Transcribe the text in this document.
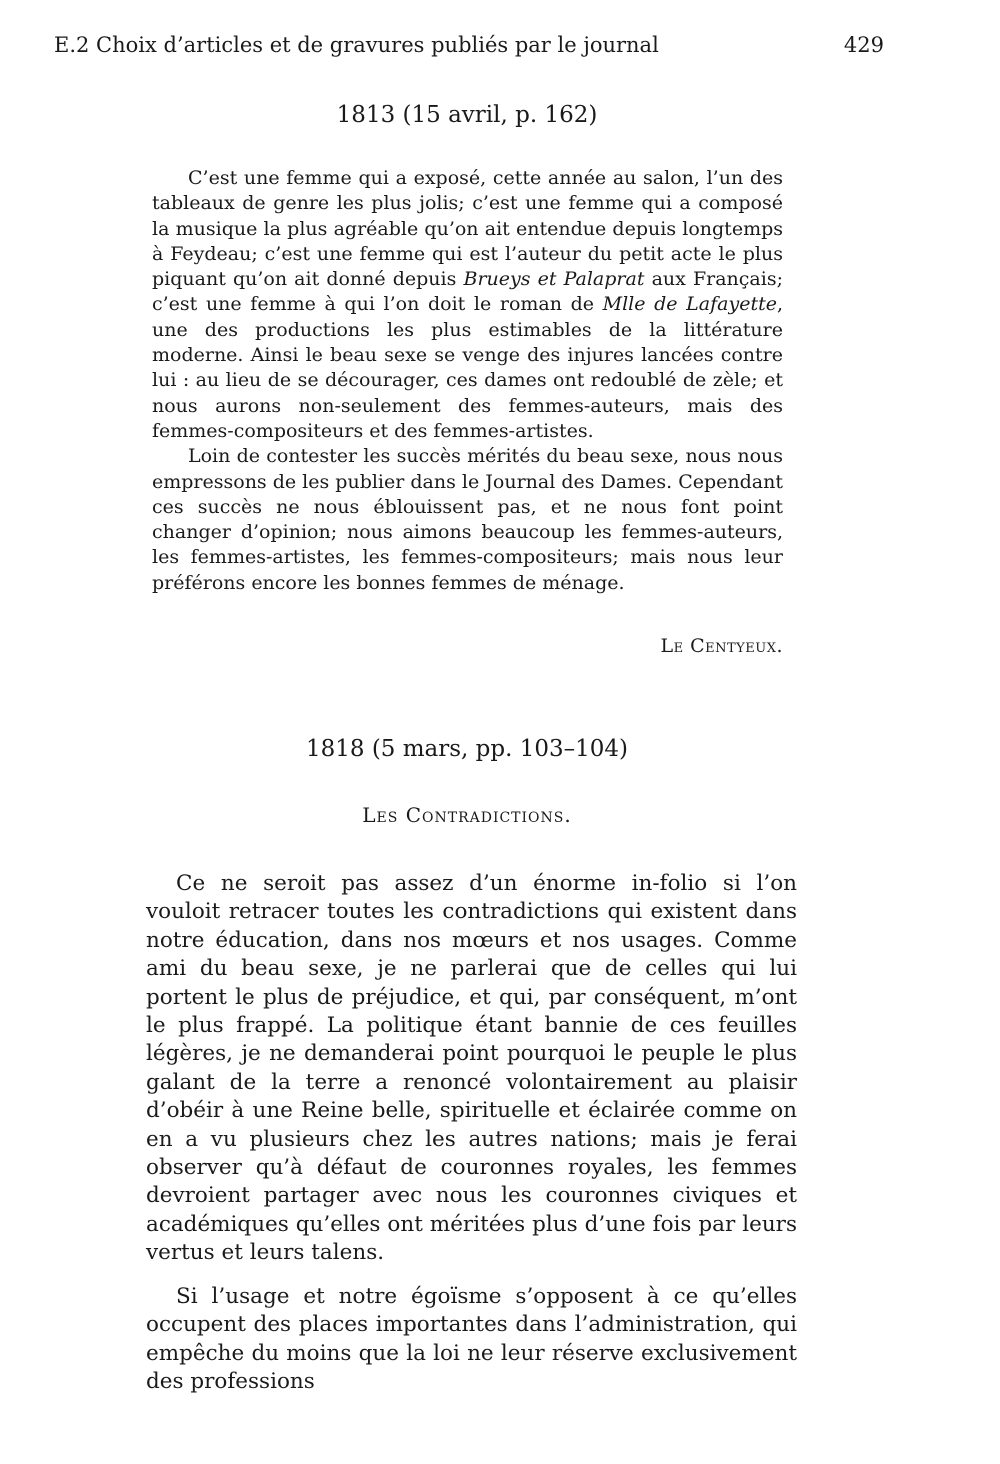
E.2 Choix d’articles et de gravures publiés par le journal	429
1813 (15 avril, p. 162)

C’est une femme qui a exposé, cette année au salon, l’un des tableaux de genre les plus jolis; c’est une femme qui a composé la musique la plus agréable qu’on ait entendue depuis longtemps à Feydeau; c’est une femme qui est l’auteur du petit acte le plus piquant qu’on ait donné depuis Brueys et Palaprat aux Français; c’est une femme à qui l’on doit le roman de Mlle de Lafayette, une des productions les plus estimables de la littérature moderne. Ainsi le beau sexe se venge des injures lancées contre lui : au lieu de se décourager, ces dames ont redoublé de zèle; et nous aurons non-seulement des femmes-auteurs, mais des femmes-compositeurs et des femmes-artistes.

Loin de contester les succès mérités du beau sexe, nous nous empressons de les publier dans le Journal des Dames. Cependant ces succès ne nous éblouissent pas, et ne nous font point changer d’opinion; nous aimons beaucoup les femmes-auteurs, les femmes-artistes, les femmes-compositeurs; mais nous leur préférons encore les bonnes femmes de ménage.

Le Centyeux.
1818 (5 mars, pp. 103–104)
Les Contradictions.

Ce ne seroit pas assez d’un énorme in-folio si l’on vouloit retracer toutes les contradictions qui existent dans notre éducation, dans nos mœurs et nos usages. Comme ami du beau sexe, je ne parlerai que de celles qui lui portent le plus de préjudice, et qui, par conséquent, m’ont le plus frappé. La politique étant bannie de ces feuilles légères, je ne demanderai point pourquoi le peuple le plus galant de la terre a renoncé volontairement au plaisir d’obéir à une Reine belle, spirituelle et éclairée comme on en a vu plusieurs chez les autres nations; mais je ferai observer qu’à défaut de couronnes royales, les femmes devroient partager avec nous les couronnes civiques et académiques qu’elles ont méritées plus d’une fois par leurs vertus et leurs talens.

Si l’usage et notre égoïsme s’opposent à ce qu’elles occupent des places importantes dans l’administration, qui empêche du moins que la loi ne leur réserve exclusivement des professions
